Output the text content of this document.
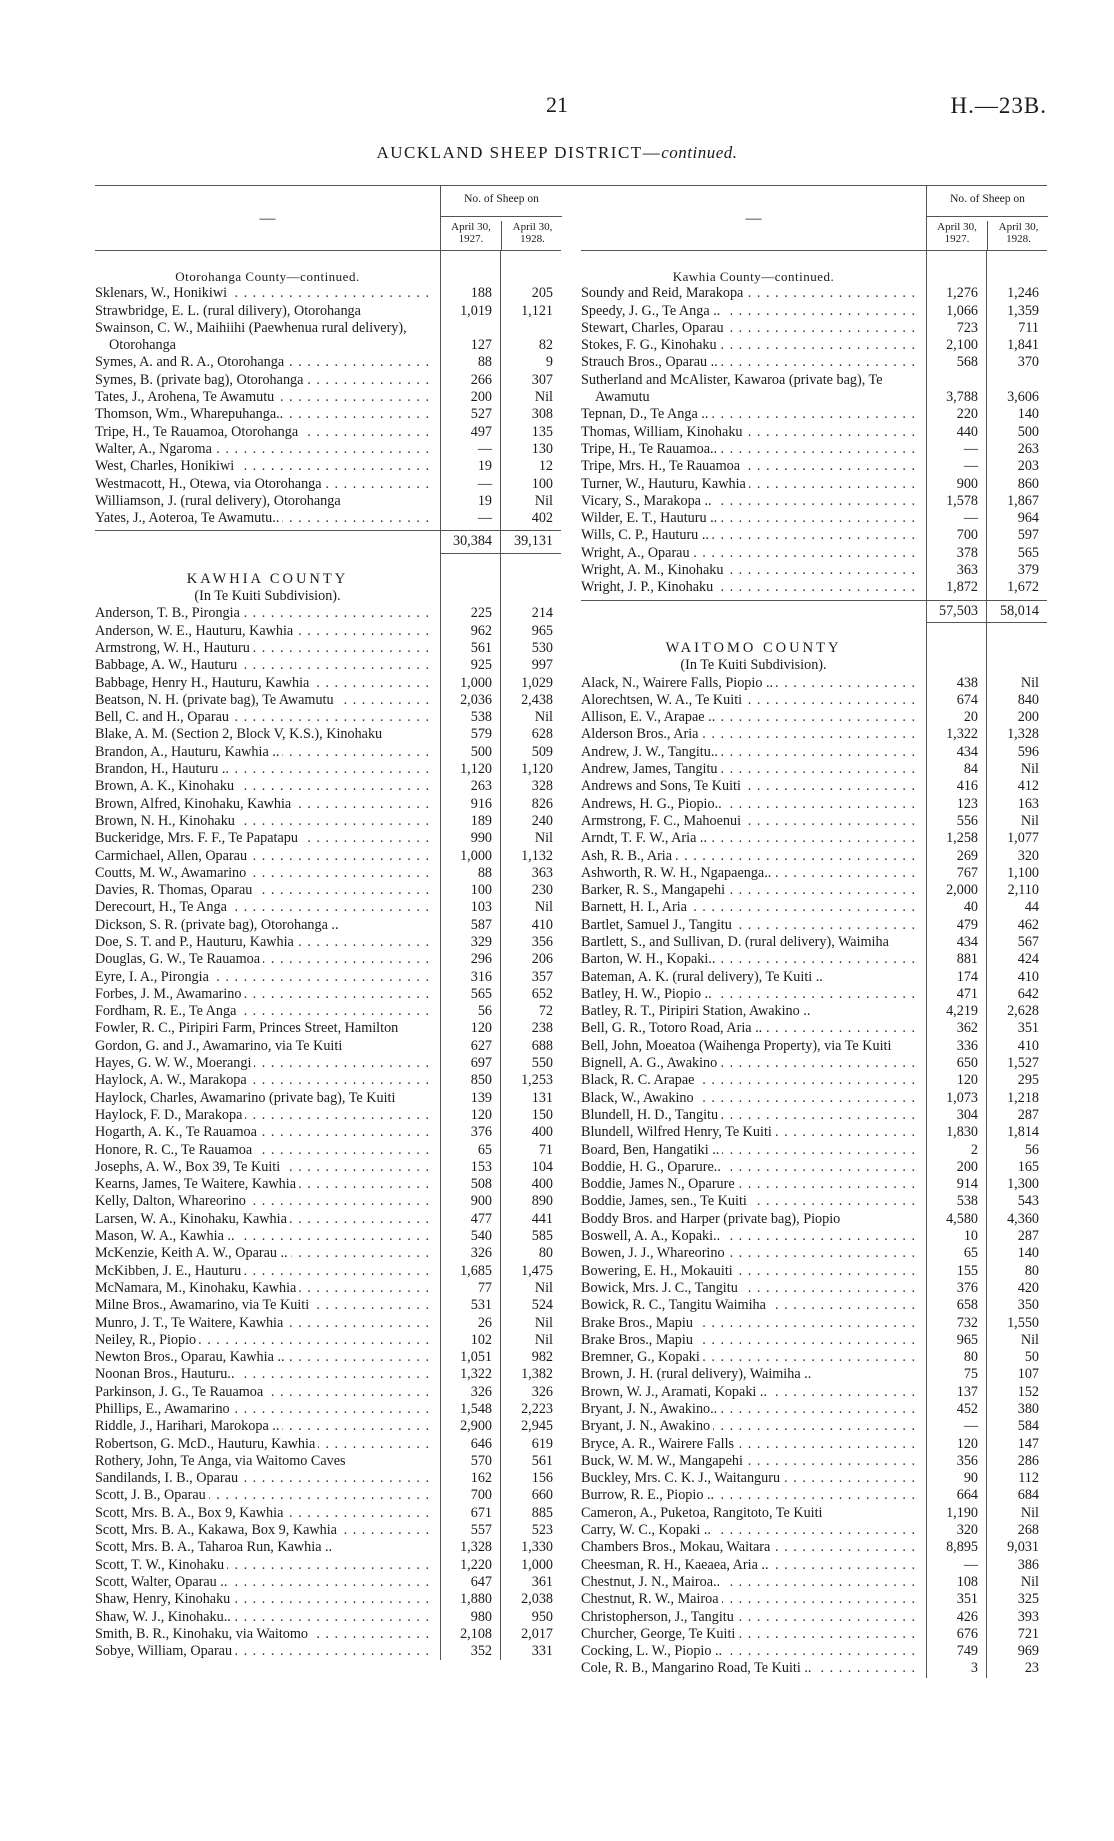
21	H.—23B.
AUCKLAND SHEEP DISTRICT—continued.
—
No. of Sheep on
April 30, 1927.
April 30, 1928.
Otorohanga County—continued.
Sklenars, W., Honikiwi . . .	188	205
Strawbridge, E. L. (rural dilivery), Otorohanga	1,019	1,121
Swainson, C. W., Maihiihi (Paewhenua rural delivery), Otorohanga	127	82
Symes, A. and R. A., Otorohanga . . .	88	9
Symes, B. (private bag), Otorohanga . . .	266	307
Tates, J., Arohena, Te Awamutu . . .	200	Nil
Thomson, Wm., Wharepuhanga.. . . .	527	308
Tripe, H., Te Rauamoa, Otorohanga . . .	497	135
Walter, A., Ngaroma . . .	—	130
West, Charles, Honikiwi . . .	19	12
Westmacott, H., Otewa, via Otorohanga . . .	—	100
Williamson, J. (rural delivery), Otorohanga	19	Nil
Yates, J., Aoteroa, Te Awamutu.. . . .	—	402
30,384	39,131
KAWHIA COUNTY
(In Te Kuiti Subdivision).
Anderson, T. B., Pirongia . . .	225	214
Anderson, W. E., Hauturu, Kawhia . . .	962	965
Armstrong, W. H., Hauturu . . .	561	530
Babbage, A. W., Hauturu . . .	925	997
Babbage, Henry H., Hauturu, Kawhia . . .	1,000	1,029
Beatson, N. H. (private bag), Te Awamutu . . .	2,036	2,438
Bell, C. and H., Oparau . . .	538	Nil
Blake, A. M. (Section 2, Block V, K.S.), Kinohaku	579	628
Brandon, A., Hauturu, Kawhia .. . . .	500	509
Brandon, H., Hauturu .. . . .	1,120	1,120
Brown, A. K., Kinohaku . . .	263	328
Brown, Alfred, Kinohaku, Kawhia . . .	916	826
Brown, N. H., Kinohaku . . .	189	240
Buckeridge, Mrs. F. F., Te Papatapu . . .	990	Nil
Carmichael, Allen, Oparau . . .	1,000	1,132
Coutts, M. W., Awamarino . . .	88	363
Davies, R. Thomas, Oparau . . .	100	230
Derecourt, H., Te Anga . . .	103	Nil
Dickson, S. R. (private bag), Otorohanga ..	587	410
Doe, S. T. and P., Hauturu, Kawhia . . .	329	356
Douglas, G. W., Te Rauamoa . . .	296	206
Eyre, I. A., Pirongia . . .	316	357
Forbes, J. M., Awamarino . . .	565	652
Fordham, R. E., Te Anga . . .	56	72
Fowler, R. C., Piripiri Farm, Princes Street, Hamilton	120	238
Gordon, G. and J., Awamarino, via Te Kuiti	627	688
Hayes, G. W. W., Moerangi . . .	697	550
Haylock, A. W., Marakopa . . .	850	1,253
Haylock, Charles, Awamarino (private bag), Te Kuiti	139	131
Haylock, F. D., Marakopa . . .	120	150
Hogarth, A. K., Te Rauamoa . . .	376	400
Honore, R. C., Te Rauamoa . . .	65	71
Josephs, A. W., Box 39, Te Kuiti . . .	153	104
Kearns, James, Te Waitere, Kawhia . . .	508	400
Kelly, Dalton, Whareorino . . .	900	890
Larsen, W. A., Kinohaku, Kawhia . . .	477	441
Mason, W. A., Kawhia .. . . .	540	585
McKenzie, Keith A. W., Oparau .. . . .	326	80
McKibben, J. E., Hauturu . . .	1,685	1,475
McNamara, M., Kinohaku, Kawhia . . .	77	Nil
Milne Bros., Awamarino, via Te Kuiti . . .	531	524
Munro, J. T., Te Waitere, Kawhia . . .	26	Nil
Neiley, R., Piopio . . .	102	Nil
Newton Bros., Oparau, Kawhia .. . . .	1,051	982
Noonan Bros., Hauturu.. . . .	1,322	1,382
Parkinson, J. G., Te Rauamoa . . .	326	326
Phillips, E., Awamarino . . .	1,548	2,223
Riddle, J., Harihari, Marokopa .. . . .	2,900	2,945
Robertson, G. McD., Hauturu, Kawhia . . .	646	619
Rothery, John, Te Anga, via Waitomo Caves	570	561
Sandilands, I. B., Oparau . . .	162	156
Scott, J. B., Oparau . . .	700	660
Scott, Mrs. B. A., Box 9, Kawhia . . .	671	885
Scott, Mrs. B. A., Kakawa, Box 9, Kawhia . . .	557	523
Scott, Mrs. B. A., Taharoa Run, Kawhia ..	1,328	1,330
Scott, T. W., Kinohaku . . .	1,220	1,000
Scott, Walter, Oparau .. . . .	647	361
Shaw, Henry, Kinohaku . . .	1,880	2,038
Shaw, W. J., Kinohaku.. . . .	980	950
Smith, B. R., Kinohaku, via Waitomo . . .	2,108	2,017
Sobye, William, Oparau . . .	352	331
—
No. of Sheep on
April 30, 1927.
April 30, 1928.
Kawhia County—continued.
Soundy and Reid, Marakopa . . .	1,276	1,246
Speedy, J. G., Te Anga .. . . .	1,066	1,359
Stewart, Charles, Oparau . . .	723	711
Stokes, F. G., Kinohaku . . .	2,100	1,841
Strauch Bros., Oparau .. . . .	568	370
Sutherland and McAlister, Kawaroa (private bag), Te Awamutu	3,788	3,606
Tepnan, D., Te Anga .. . . .	220	140
Thomas, William, Kinohaku . . .	440	500
Tripe, H., Te Rauamoa.. . . .	—	263
Tripe, Mrs. H., Te Rauamoa . . .	—	203
Turner, W., Hauturu, Kawhia . . .	900	860
Vicary, S., Marakopa .. . . .	1,578	1,867
Wilder, E. T., Hauturu .. . . .	—	964
Wills, C. P., Hauturu .. . . .	700	597
Wright, A., Oparau . . .	378	565
Wright, A. M., Kinohaku . . .	363	379
Wright, J. P., Kinohaku . . .	1,872	1,672
57,503	58,014
WAITOMO COUNTY
(In Te Kuiti Subdivision).
Alack, N., Wairere Falls, Piopio .. . . .	438	Nil
Alorechtsen, W. A., Te Kuiti . . .	674	840
Allison, E. V., Arapae .. . . .	20	200
Alderson Bros., Aria . . .	1,322	1,328
Andrew, J. W., Tangitu.. . . .	434	596
Andrew, James, Tangitu . . .	84	Nil
Andrews and Sons, Te Kuiti . . .	416	412
Andrews, H. G., Piopio.. . . .	123	163
Armstrong, F. C., Mahoenui . . .	556	Nil
Arndt, T. F. W., Aria .. . . .	1,258	1,077
Ash, R. B., Aria . . .	269	320
Ashworth, R. W. H., Ngapaenga.. . . .	767	1,100
Barker, R. S., Mangapehi . . .	2,000	2,110
Barnett, H. I., Aria . . .	40	44
Bartlet, Samuel J., Tangitu . . .	479	462
Bartlett, S., and Sullivan, D. (rural delivery), Waimiha	434	567
Barton, W. H., Kopaki.. . . .	881	424
Bateman, A. K. (rural delivery), Te Kuiti ..	174	410
Batley, H. W., Piopio .. . . .	471	642
Batley, R. T., Piripiri Station, Awakino ..	4,219	2,628
Bell, G. R., Totoro Road, Aria .. . . .	362	351
Bell, John, Moeatoa (Waihenga Property), via Te Kuiti	336	410
Bignell, A. G., Awakino . . .	650	1,527
Black, R. C. Arapae . . .	120	295
Black, W., Awakino . . .	1,073	1,218
Blundell, H. D., Tangitu . . .	304	287
Blundell, Wilfred Henry, Te Kuiti . . .	1,830	1,814
Board, Ben, Hangatiki .. . . .	2	56
Boddie, H. G., Oparure.. . . .	200	165
Boddie, James N., Oparure . . .	914	1,300
Boddie, James, sen., Te Kuiti . . .	538	543
Boddy Bros. and Harper (private bag), Piopio	4,580	4,360
Boswell, A. A., Kopaki.. . . .	10	287
Bowen, J. J., Whareorino . . .	65	140
Bowering, E. H., Mokauiti . . .	155	80
Bowick, Mrs. J. C., Tangitu . . .	376	420
Bowick, R. C., Tangitu Waimiha . . .	658	350
Brake Bros., Mapiu . . .	732	1,550
Brake Bros., Mapiu . . .	965	Nil
Bremner, G., Kopaki . . .	80	50
Brown, J. H. (rural delivery), Waimiha ..	75	107
Brown, W. J., Aramati, Kopaki .. . . .	137	152
Bryant, J. N., Awakino.. . . .	452	380
Bryant, J. N., Awakino . . .	—	584
Bryce, A. R., Wairere Falls . . .	120	147
Buck, W. M. W., Mangapehi . . .	356	286
Buckley, Mrs. C. K. J., Waitanguru . . .	90	112
Burrow, R. E., Piopio .. . . .	664	684
Cameron, A., Puketoa, Rangitoto, Te Kuiti	1,190	Nil
Carry, W. C., Kopaki .. . . .	320	268
Chambers Bros., Mokau, Waitara . . .	8,895	9,031
Cheesman, R. H., Kaeaea, Aria .. . . .	—	386
Chestnut, J. N., Mairoa.. . . .	108	Nil
Chestnut, R. W., Mairoa . . .	351	325
Christopherson, J., Tangitu . . .	426	393
Churcher, George, Te Kuiti . . .	676	721
Cocking, L. W., Piopio .. . . .	749	969
Cole, R. B., Mangarino Road, Te Kuiti .. . . .	3	23
